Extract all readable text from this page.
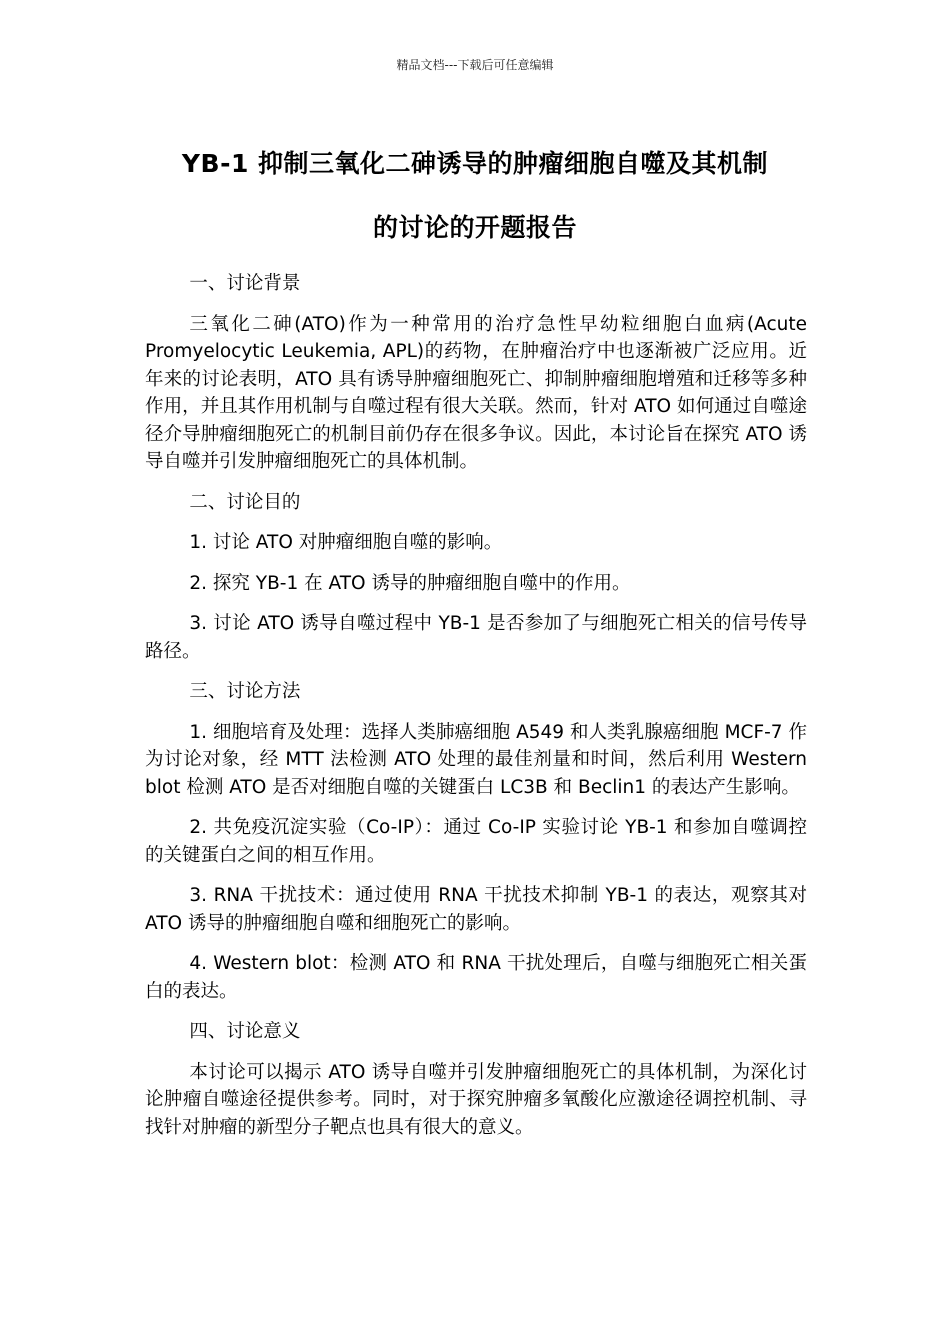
精品文档---下载后可任意编辑
YB-1 抑制三氧化二砷诱导的肿瘤细胞自噬及其机制
的讨论的开题报告

一、讨论背景

三氧化二砷(ATO)作为一种常用的治疗急性早幼粒细胞白血病(Acute Promyelocytic Leukemia, APL)的药物，在肿瘤治疗中也逐渐被广泛应用。近年来的讨论表明，ATO 具有诱导肿瘤细胞死亡、抑制肿瘤细胞增殖和迁移等多种作用，并且其作用机制与自噬过程有很大关联。然而，针对 ATO 如何通过自噬途径介导肿瘤细胞死亡的机制目前仍存在很多争议。因此，本讨论旨在探究 ATO 诱导自噬并引发肿瘤细胞死亡的具体机制。

二、讨论目的

1. 讨论 ATO 对肿瘤细胞自噬的影响。

2. 探究 YB-1 在 ATO 诱导的肿瘤细胞自噬中的作用。

3. 讨论 ATO 诱导自噬过程中 YB-1 是否参加了与细胞死亡相关的信号传导路径。

三、讨论方法

1. 细胞培育及处理：选择人类肺癌细胞 A549 和人类乳腺癌细胞 MCF-7 作为讨论对象，经 MTT 法检测 ATO 处理的最佳剂量和时间，然后利用 Western blot 检测 ATO 是否对细胞自噬的关键蛋白 LC3B 和 Beclin1 的表达产生影响。

2. 共免疫沉淀实验（Co-IP）：通过 Co-IP 实验讨论 YB-1 和参加自噬调控的关键蛋白之间的相互作用。

3. RNA 干扰技术：通过使用 RNA 干扰技术抑制 YB-1 的表达，观察其对 ATO 诱导的肿瘤细胞自噬和细胞死亡的影响。

4. Western blot：检测 ATO 和 RNA 干扰处理后，自噬与细胞死亡相关蛋白的表达。

四、讨论意义

本讨论可以揭示 ATO 诱导自噬并引发肿瘤细胞死亡的具体机制，为深化讨论肿瘤自噬途径提供参考。同时，对于探究肿瘤多氧酸化应激途径调控机制、寻找针对肿瘤的新型分子靶点也具有很大的意义。
